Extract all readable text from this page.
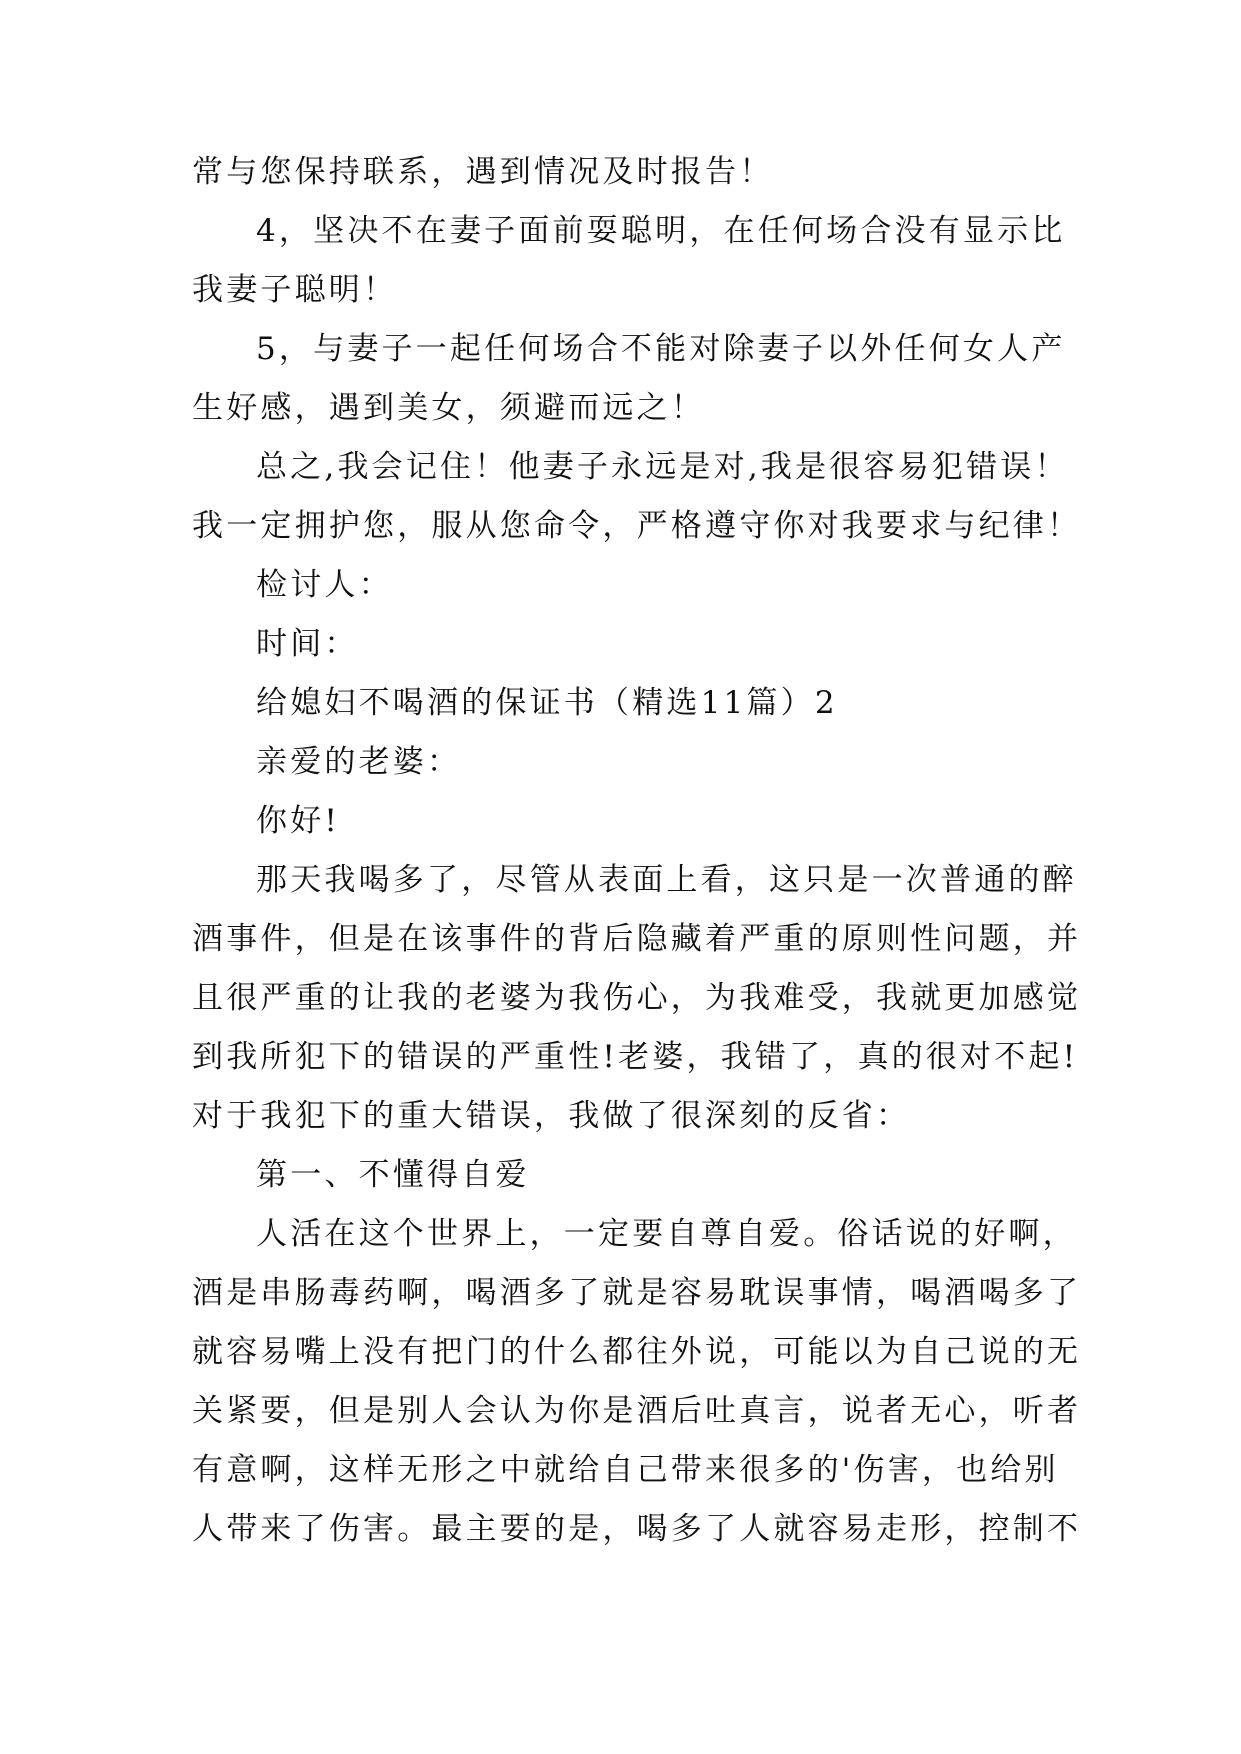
常与您保持联系，遇到情况及时报告！
4，坚决不在妻子面前耍聪明，在任何场合没有显示比
我妻子聪明！
5，与妻子一起任何场合不能对除妻子以外任何女人产
生好感，遇到美女，须避而远之！
总之,我会记住！他妻子永远是对,我是很容易犯错误！
我一定拥护您，服从您命令，严格遵守你对我要求与纪律！
检讨人：
时间：
给媳妇不喝酒的保证书（精选11篇）2
亲爱的老婆：
你好!
那天我喝多了，尽管从表面上看，这只是一次普通的醉
酒事件，但是在该事件的背后隐藏着严重的原则性问题，并
且很严重的让我的老婆为我伤心，为我难受，我就更加感觉
到我所犯下的错误的严重性!老婆，我错了，真的很对不起!
对于我犯下的重大错误，我做了很深刻的反省：
第一、不懂得自爱
人活在这个世界上，一定要自尊自爱。俗话说的好啊，
酒是串肠毒药啊，喝酒多了就是容易耽误事情，喝酒喝多了
就容易嘴上没有把门的什么都往外说，可能以为自己说的无
关紧要，但是别人会认为你是酒后吐真言，说者无心，听者
有意啊，这样无形之中就给自己带来很多的'伤害，也给别
人带来了伤害。最主要的是，喝多了人就容易走形，控制不
